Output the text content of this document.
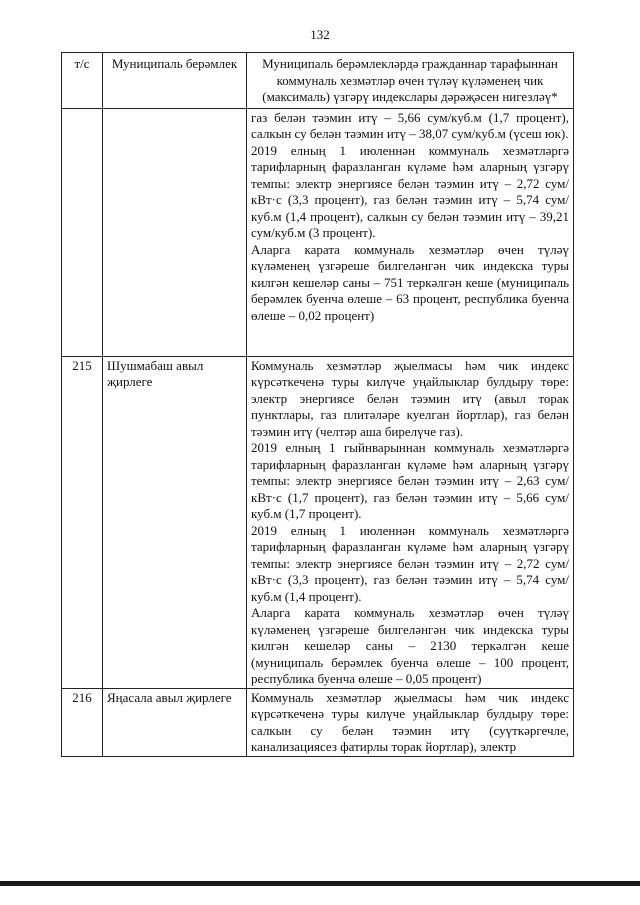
132
т/с	Муниципаль берәмлек	Муниципаль берәмлекләрдә гражданнар тарафыннан коммуналь хезмәтләр өчен түләү күләменең чик (максималь) үзгәрү индекслары дәрәҗәсен нигезләү*

		газ белән тәэмин итү – 5,66 сум/куб.м (1,7 процент), салкын су белән тәэмин итү – 38,07 сум/куб.м (үсеш юк).

2019 елның 1 июленнән коммуналь хезмәтләргә тарифларның фаразланган күләме һәм аларның үзгәрү темпы: электр энергиясе белән тәэмин итү – 2,72 сум/кВт·с (3,3 процент), газ белән тәэмин итү – 5,74 сум/куб.м (1,4 процент), салкын су белән тәэмин итү – 39,21 сум/куб.м (3 процент).

Аларга карата коммуналь хезмәтләр өчен түләү күләменең үзгәреше билгеләнгән чик индекска туры килгән кешеләр саны – 751 теркәлгән кеше (муниципаль берәмлек буенча өлеше – 63 процент, республика буенча өлеше – 0,02 процент)

215	Шушмабаш авыл җирлеге	Коммуналь хезмәтләр җыелмасы һәм чик индекс күрсәткеченә туры килүче уңайлыклар булдыру төре: электр энергиясе белән тәэмин итү (авыл торак пунктлары, газ плитәләре куелган йортлар), газ белән тәэмин итү (челтәр аша бирелүче газ).

2019 елның 1 гыйнварыннан коммуналь хезмәтләргә тарифларның фаразланган күләме һәм аларның үзгәрү темпы: электр энергиясе белән тәэмин итү – 2,63 сум/кВт·с (1,7 процент), газ белән тәэмин итү – 5,66 сум/куб.м (1,7 процент).

2019 елның 1 июленнән коммуналь хезмәтләргә тарифларның фаразланган күләме һәм аларның үзгәрү темпы: электр энергиясе белән тәэмин итү – 2,72 сум/кВт·с (3,3 процент), газ белән тәэмин итү – 5,74 сум/куб.м (1,4 процент).

Аларга карата коммуналь хезмәтләр өчен түләү күләменең үзгәреше билгеләнгән чик индекска туры килгән кешеләр саны – 2130 теркәлгән кеше (муниципаль берәмлек буенча өлеше – 100 процент, республика буенча өлеше – 0,05 процент)

216	Яңасала авыл җирлеге	Коммуналь хезмәтләр җыелмасы һәм чик индекс күрсәткеченә туры килүче уңайлыклар булдыру төре: салкын су белән тәэмин итү (суүткәргечле, канализациясез фатирлы торак йортлар), электр
